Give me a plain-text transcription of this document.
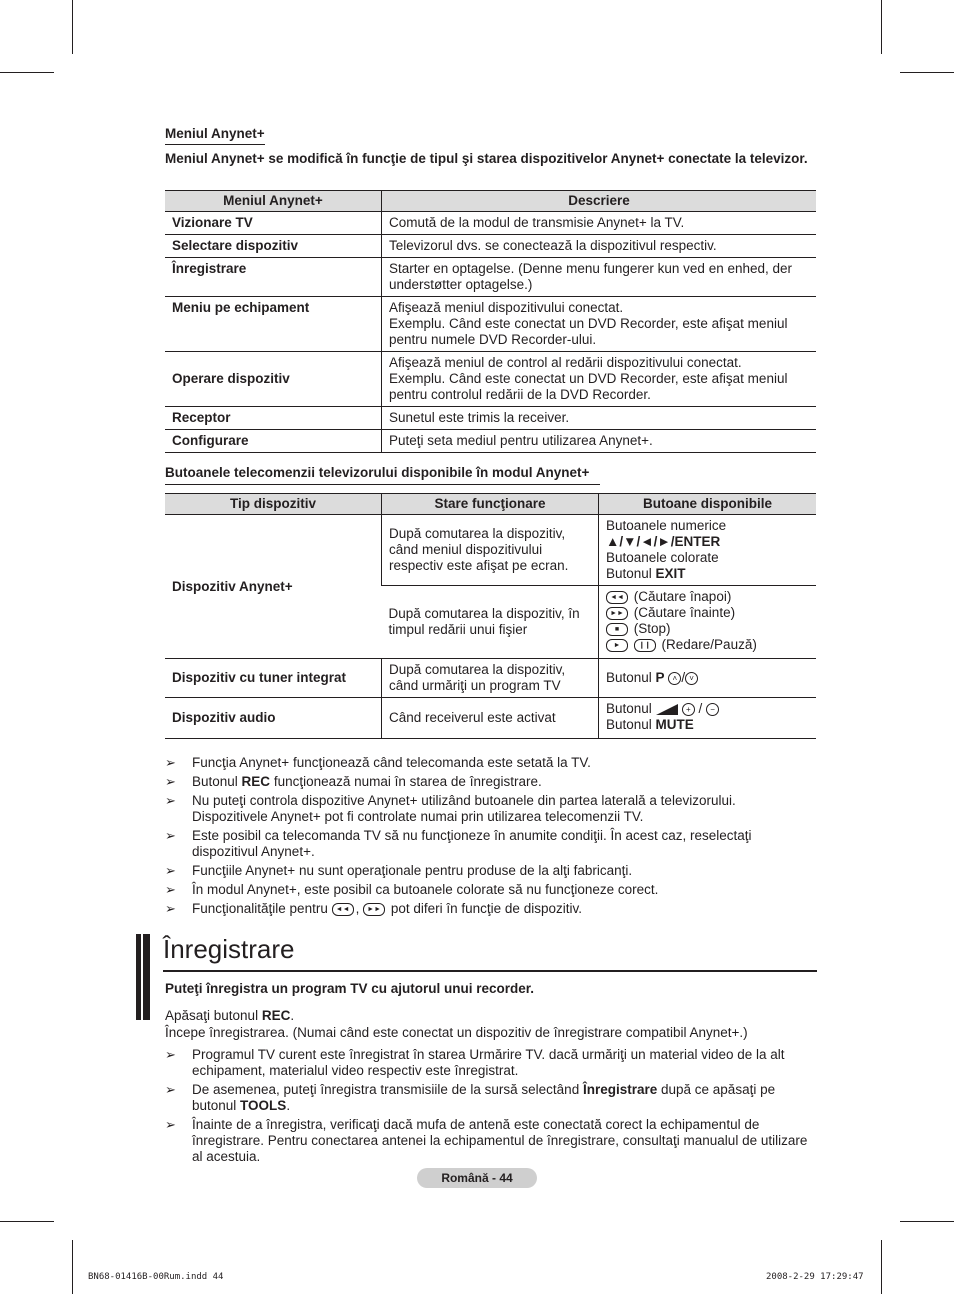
Meniul Anynet+
Meniul Anynet+ se modifică în funcţie de tipul şi starea dispozitivelor Anynet+ conectate la televizor.
Meniul Anynet+	Descriere
Vizionare TV	Comută de la modul de transmisie Anynet+ la TV.
Selectare dispozitiv	Televizorul dvs. se conectează la dispozitivul respectiv.
Înregistrare	Starter en optagelse. (Denne menu fungerer kun ved en enhed, der understøtter optagelse.)
Meniu pe echipament	Afişează meniul dispozitivului conectat.
Exemplu. Când este conectat un DVD Recorder, este afişat meniul pentru numele DVD Recorder-ului.

Operare dispozitiv	Afişează meniul de control al redării dispozitivului conectat.
Exemplu. Când este conectat un DVD Recorder, este afişat meniul pentru controlul redării de la DVD Recorder.

Receptor	Sunetul este trimis la receiver.
Configurare	Puteţi seta mediul pentru utilizarea Anynet+.
Butoanele telecomenzii televizorului disponibile în modul Anynet+
Tip dispozitiv	Stare funcţionare	Butoane disponibile
Dispozitiv Anynet+	După comutarea la dispozitiv, când meniul dispozitivului respectiv este afişat pe ecran.	Butoanele numerice
▲/▼/◄/►/ENTER
Butoanele colorate
Butonul EXIT

	După comutarea la dispozitiv, în timpul redării unui fişier	◄◄ (Căutare înapoi)
►► (Căutare înainte)
■ (Stop)
► ❙❙ (Redare/Pauză)

Dispozitiv cu tuner integrat	După comutarea la dispozitiv, când urmăriţi un program TV	Butonul P ˄ / ˅
Dispozitiv audio	Când receiverul este activat	Butonul + / −
Butonul MUTE
➢ Funcţia Anynet+ funcţionează când telecomanda este setată la TV.
➢ Butonul REC funcţionează numai în starea de înregistrare.
➢ Nu puteţi controla dispozitive Anynet+ utilizând butoanele din partea laterală a televizorului. Dispozitivele Anynet+ pot fi controlate numai prin utilizarea telecomenzii TV.
➢ Este posibil ca telecomanda TV să nu funcţioneze în anumite condiţii. În acest caz, reselectaţi dispozitivul Anynet+.
➢ Funcţiile Anynet+ nu sunt operaţionale pentru produse de la alţi fabricanţi.
➢ În modul Anynet+, este posibil ca butoanele colorate să nu funcţioneze corect.
➢ Funcţionalităţile pentru ◄◄ , ►► pot diferi în funcţie de dispozitiv.
Înregistrare
Puteţi înregistra un program TV cu ajutorul unui recorder.
Apăsaţi butonul REC.
Începe înregistrarea. (Numai când este conectat un dispozitiv de înregistrare compatibil Anynet+.)
➢ Programul TV curent este înregistrat în starea Urmărire TV. dacă urmăriţi un material video de la alt echipament, materialul video respectiv este înregistrat.
➢ De asemenea, puteţi înregistra transmisiile de la sursă selectând Înregistrare după ce apăsaţi pe butonul TOOLS.
➢ Înainte de a înregistra, verificaţi dacă mufa de antenă este conectată corect la echipamentul de înregistrare. Pentru conectarea antenei la echipamentul de înregistrare, consultaţi manualul de utilizare al acestuia.
Română - 44
BN68-01416B-00Rum.indd 44	2008-2-29 17:29:47
